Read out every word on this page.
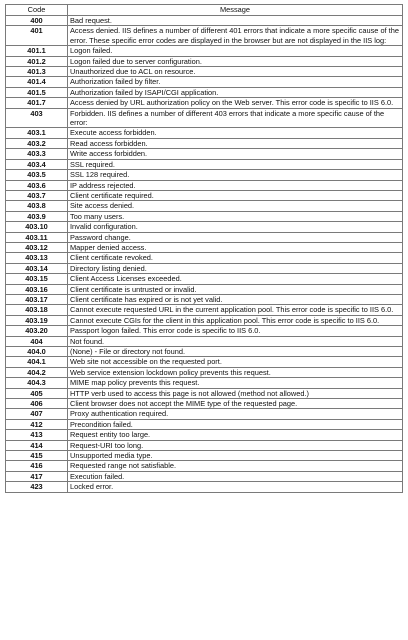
Code	Message
400	Bad request.
401	Access denied. IIS defines a number of different 401 errors that indicate a more specific cause of the error. These specific error codes are displayed in the browser but are not displayed in the IIS log:
401.1	Logon failed.
401.2	Logon failed due to server configuration.
401.3	Unauthorized due to ACL on resource.
401.4	Authorization failed by filter.
401.5	Authorization failed by ISAPI/CGI application.
401.7	Access denied by URL authorization policy on the Web server. This error code is specific to IIS 6.0.
403	Forbidden. IIS defines a number of different 403 errors that indicate a more specific cause of the error:
403.1	Execute access forbidden.
403.2	Read access forbidden.
403.3	Write access forbidden.
403.4	SSL required.
403.5	SSL 128 required.
403.6	IP address rejected.
403.7	Client certificate required.
403.8	Site access denied.
403.9	Too many users.
403.10	Invalid configuration.
403.11	Password change.
403.12	Mapper denied access.
403.13	Client certificate revoked.
403.14	Directory listing denied.
403.15	Client Access Licenses exceeded.
403.16	Client certificate is untrusted or invalid.
403.17	Client certificate has expired or is not yet valid.
403.18	Cannot execute requested URL in the current application pool. This error code is specific to IIS 6.0.
403.19	Cannot execute CGIs for the client in this application pool. This error code is specific to IIS 6.0.
403.20	Passport logon failed. This error code is specific to IIS 6.0.
404	Not found.
404.0	(None) - File or directory not found.
404.1	Web site not accessible on the requested port.
404.2	Web service extension lockdown policy prevents this request.
404.3	MIME map policy prevents this request.
405	HTTP verb used to access this page is not allowed (method not allowed.)
406	Client browser does not accept the MIME type of the requested page.
407	Proxy authentication required.
412	Precondition failed.
413	Request entity too large.
414	Request-URI too long.
415	Unsupported media type.
416	Requested range not satisfiable.
417	Execution failed.
423	Locked error.
